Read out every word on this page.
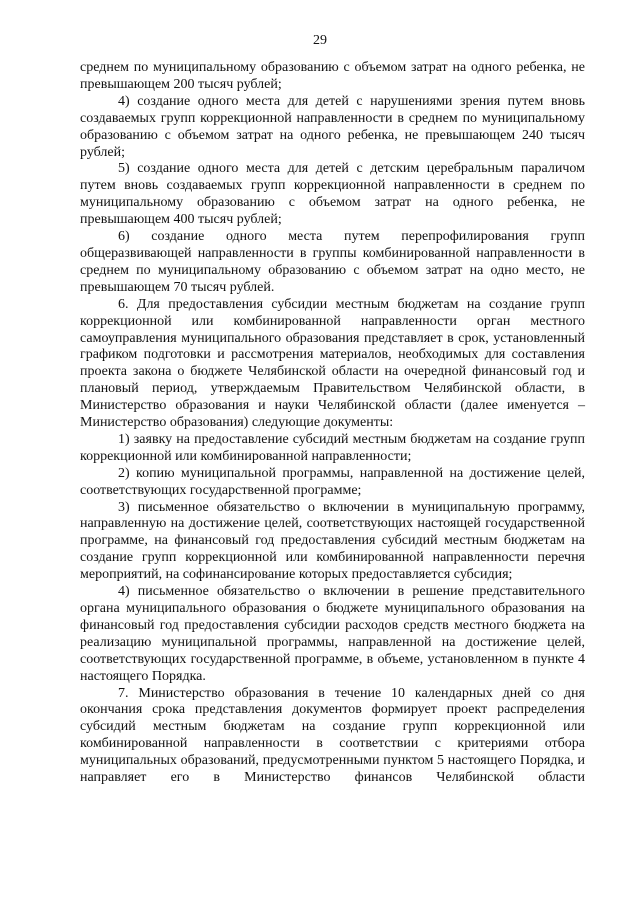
29

среднем по муниципальному образованию с объемом затрат на одного ребенка, не превышающем 200 тысяч рублей;

4) создание одного места для детей с нарушениями зрения путем вновь создаваемых групп коррекционной направленности в среднем по муниципальному образованию с объемом затрат на одного ребенка, не превышающем 240 тысяч рублей;

5) создание одного места для детей с детским церебральным параличом путем вновь создаваемых групп коррекционной направленности в среднем по муниципальному образованию с объемом затрат на одного ребенка, не превышающем 400 тысяч рублей;

6) создание одного места путем перепрофилирования групп общеразвивающей направленности в группы комбинированной направленности в среднем по муниципальному образованию с объемом затрат на одно место, не превышающем 70 тысяч рублей.

6. Для предоставления субсидии местным бюджетам на создание групп коррекционной или комбинированной направленности орган местного самоуправления муниципального образования представляет в срок, установленный графиком подготовки и рассмотрения материалов, необходимых для составления проекта закона о бюджете Челябинской области на очередной финансовый год и плановый период, утверждаемым Правительством Челябинской области, в Министерство образования и науки Челябинской области (далее именуется – Министерство образования) следующие документы:

1) заявку на предоставление субсидий местным бюджетам на создание групп коррекционной или комбинированной направленности;

2) копию муниципальной программы, направленной на достижение целей, соответствующих государственной программе;

3) письменное обязательство о включении в муниципальную программу, направленную на достижение целей, соответствующих настоящей государственной программе, на финансовый год предоставления субсидий местным бюджетам на создание групп коррекционной или комбинированной направленности перечня мероприятий, на софинансирование которых предоставляется субсидия;

4) письменное обязательство о включении в решение представительного органа муниципального образования о бюджете муниципального образования на финансовый год предоставления субсидии расходов средств местного бюджета на реализацию муниципальной программы, направленной на достижение целей, соответствующих государственной программе, в объеме, установленном в пункте 4 настоящего Порядка.

7. Министерство образования в течение 10 календарных дней со дня окончания срока представления документов формирует проект распределения субсидий местным бюджетам на создание групп коррекционной или комбинированной направленности в соответствии с критериями отбора муниципальных образований, предусмотренными пунктом 5 настоящего Порядка, и направляет его в Министерство финансов Челябинской области
